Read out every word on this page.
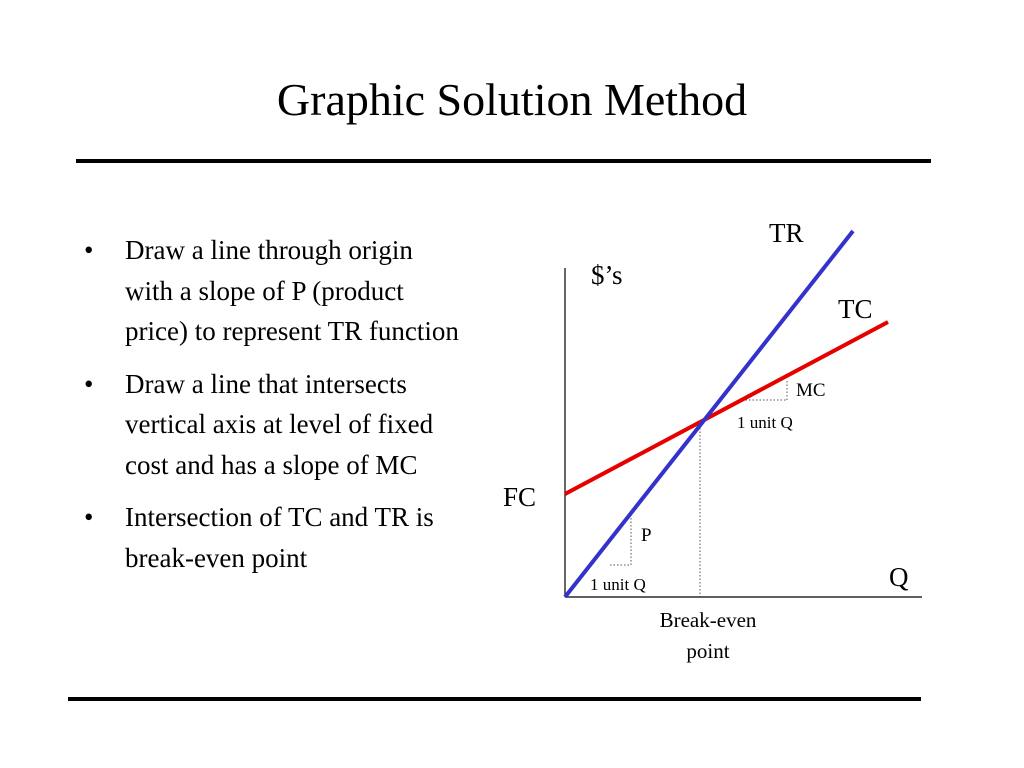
Graphic Solution Method
• Draw a line through origin with a slope of P (product price) to represent TR function
• Draw a line that intersects vertical axis at level of fixed cost and has a slope of MC
• Intersection of TC and TR is break-even point
TR
$’s
TC
MC
1 unit Q
FC
P
1 unit Q	Q
Break-even
point
